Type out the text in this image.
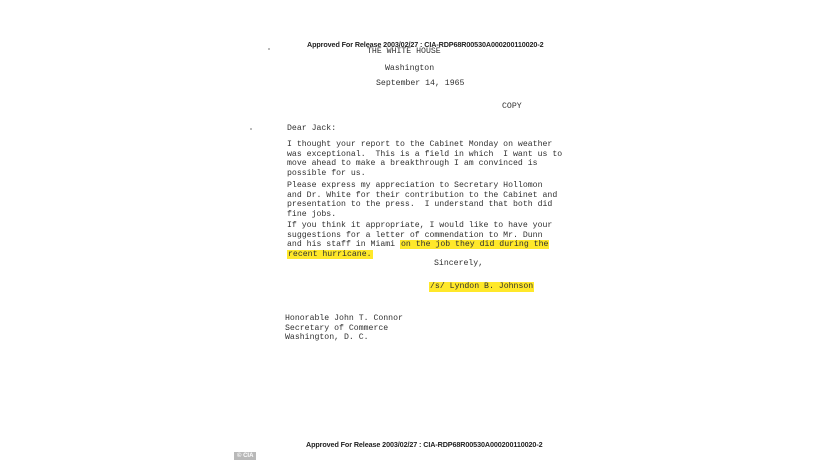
Approved For Release 2003/02/27 : CIA-RDP68R00530A000200110020-2
THE WHITE HOUSE
Washington
September 14, 1965
COPY
Dear Jack:
I thought your report to the Cabinet Monday on weather
was exceptional.  This is a field in which  I want us to
move ahead to make a breakthrough I am convinced is
possible for us.
Please express my appreciation to Secretary Hollomon
and Dr. White for their contribution to the Cabinet and
presentation to the press.  I understand that both did
fine jobs.
If you think it appropriate, I would like to have your
suggestions for a letter of commendation to Mr. Dunn
and his staff in Miami on the job they did during the
recent hurricane.
Sincerely,
/s/ Lyndon B. Johnson
Honorable John T. Connor
Secretary of Commerce
Washington, D. C.
Approved For Release 2003/02/27 : CIA-RDP68R00530A000200110020-2
© CIA
